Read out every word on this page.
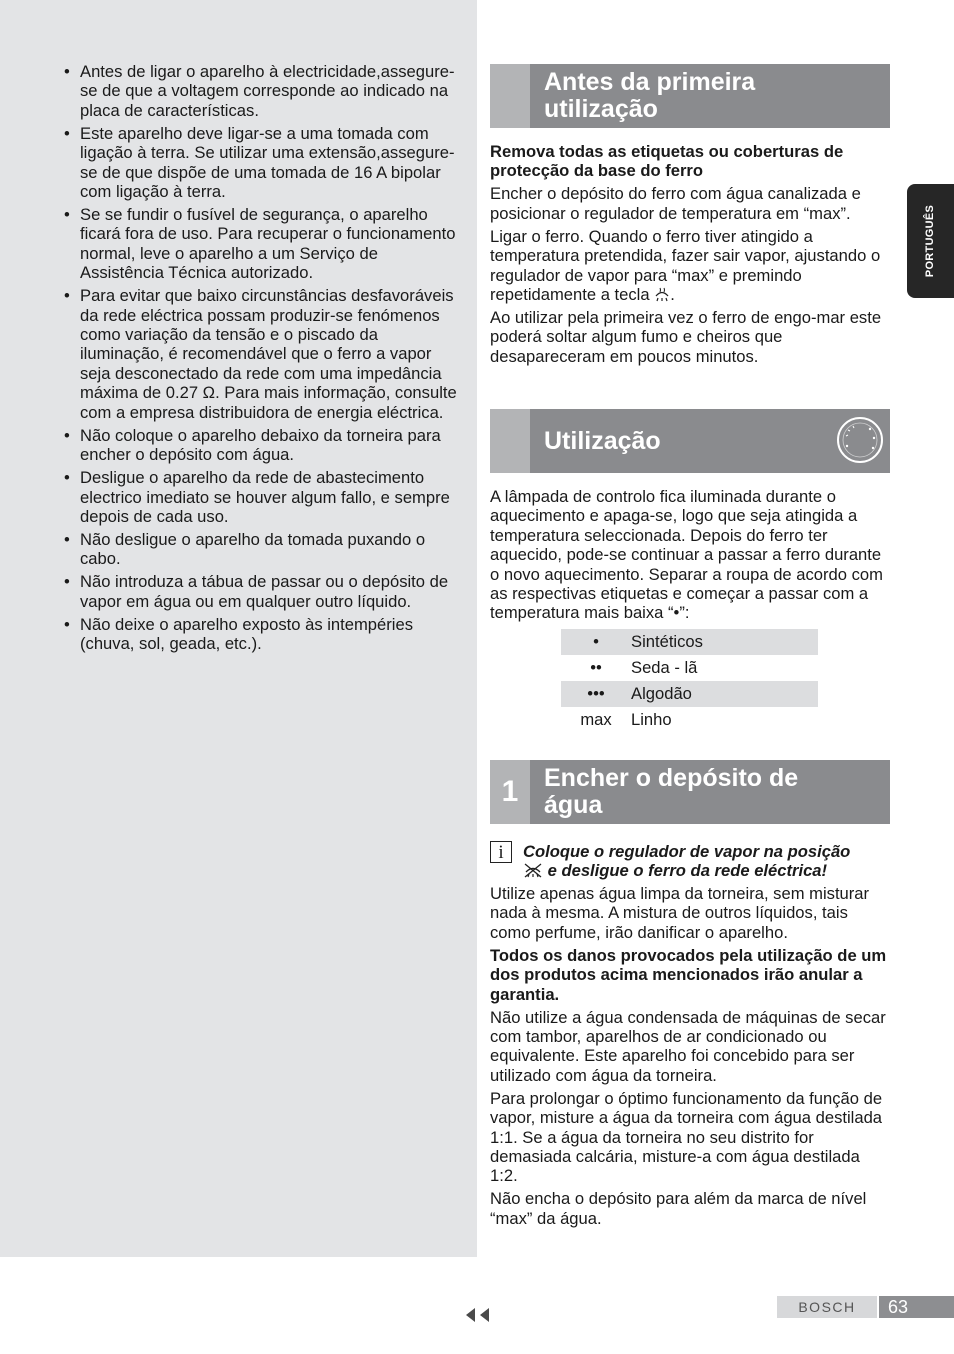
• Antes de ligar o aparelho à electricidade,assegure-se de que a voltagem corresponde ao indicado na placa de características.
• Este aparelho deve ligar-se a uma tomada com ligação à terra. Se utilizar uma extensão,assegure-se de que dispõe de uma tomada de 16 A bipolar com ligação à terra.
• Se se fundir o fusível de segurança, o aparelho ficará fora de uso. Para recuperar o funcionamento normal, leve o aparelho a um Serviço de Assistência Técnica autorizado.
• Para evitar que baixo circunstâncias desfavoráveis da rede eléctrica possam produzir-se fenómenos como variação da tensão e o piscado da iluminação, é recomendável que o ferro a vapor seja desconectado da rede com uma impedância máxima de 0.27 Ω. Para mais informação, consulte com a empresa distribuidora de energia eléctrica.
• Não coloque o aparelho debaixo da torneira para encher o depósito com água.
• Desligue o aparelho da rede de abastecimento electrico imediato se houver algum fallo, e sempre depois de cada uso.
• Não desligue o aparelho da tomada puxando o cabo.
• Não introduza a tábua de passar ou o depósito de vapor em água ou em qualquer outro líquido.
• Não deixe o aparelho exposto às intempéries (chuva, sol, geada, etc.).
Antes da primeira utilização

Remova todas as etiquetas ou coberturas de protecção da base do ferro

Encher o depósito do ferro com água canalizada e posicionar o regulador de temperatura em “max”.

Ligar o ferro. Quando o ferro tiver atingido a temperatura pretendida, fazer sair vapor, ajustando o regulador de vapor para “max” e premindo repetidamente a tecla .

Ao utilizar pela primeira vez o ferro de engo-mar este poderá soltar algum fumo e cheiros que desapareceram em poucos minutos.

Utilização

A lâmpada de controlo fica iluminada durante o aquecimento e apaga-se, logo que seja atingida a temperatura seleccionada. Depois do ferro ter aquecido, pode-se continuar a passar a ferro durante o novo aquecimento. Separar a roupa de acordo com as respectivas etiquetas e começar a passar com a temperatura mais baixa “•”:

•	Sintéticos
••	Seda - lã
•••	Algodão
max	Linho
1	Encher o depósito de água
i	Coloque o regulador de vapor na posição

e desligue o ferro da rede eléctrica!

Utilize apenas água limpa da torneira, sem misturar nada à mesma. A mistura de outros líquidos, tais como perfume, irão danificar o aparelho.

Todos os danos provocados pela utilização de um dos produtos acima mencionados irão anular a garantia.

Não utilize a água condensada de máquinas de secar com tambor, aparelhos de ar condicionado ou equivalente. Este aparelho foi concebido para ser utilizado com água da torneira.

Para prolongar o óptimo funcionamento da função de vapor, misture a água da torneira com água destilada 1:1. Se a água da torneira no seu distrito for demasiada calcária, misture-a com água destilada 1:2.

Não encha o depósito para além da marca de nível “max” da água.

PORTUGUÊS
BOSCH	63
